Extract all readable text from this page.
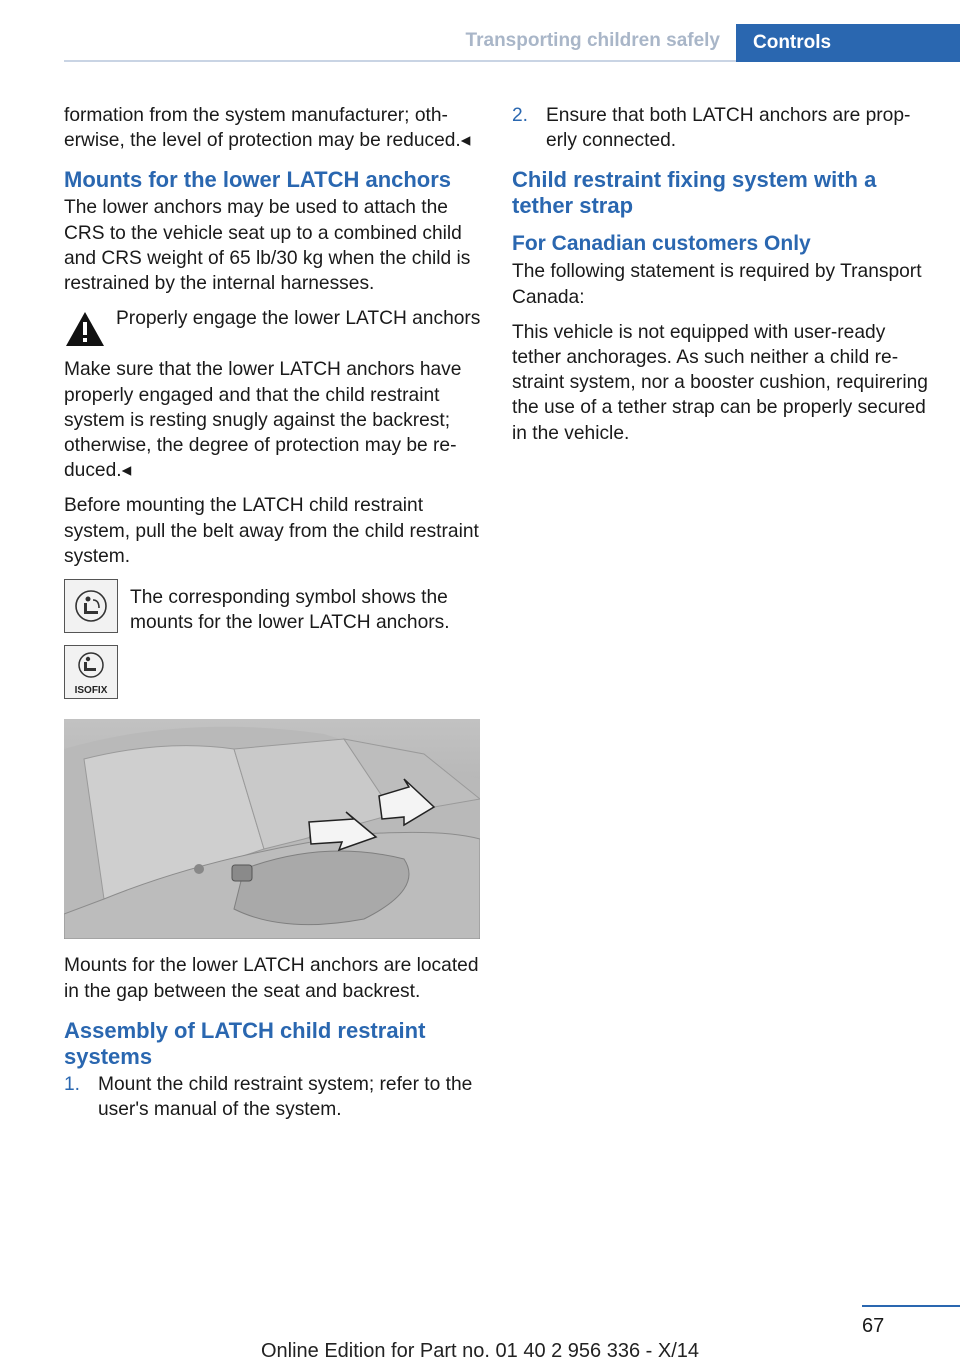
Transporting children safely	Controls

formation from the system manufacturer; otherwise, the level of protection may be reduced.◂

Mounts for the lower LATCH anchors

The lower anchors may be used to attach the CRS to the vehicle seat up to a combined child and CRS weight of 65 lb/30 kg when the child is restrained by the internal harnesses.

Properly engage the lower LATCH anchors

Make sure that the lower LATCH anchors have properly engaged and that the child restraint system is resting snugly against the backrest; otherwise, the degree of protection may be reduced.◂

Before mounting the LATCH child restraint system, pull the belt away from the child restraint system.

The corresponding symbol shows the mounts for the lower LATCH anchors.
ISOFIX

Mounts for the lower LATCH anchors are located in the gap between the seat and backrest.

Assembly of LATCH child restraint systems
1. Mount the child restraint system; refer to the user's manual of the system.
2. Ensure that both LATCH anchors are properly connected.
Child restraint fixing system with a tether strap
For Canadian customers Only

The following statement is required by Transport Canada:

This vehicle is not equipped with user-ready tether anchorages. As such neither a child restraint system, nor a booster cushion, requirering the use of a tether strap can be properly secured in the vehicle.

67
Online Edition for Part no. 01 40 2 956 336 - X/14
